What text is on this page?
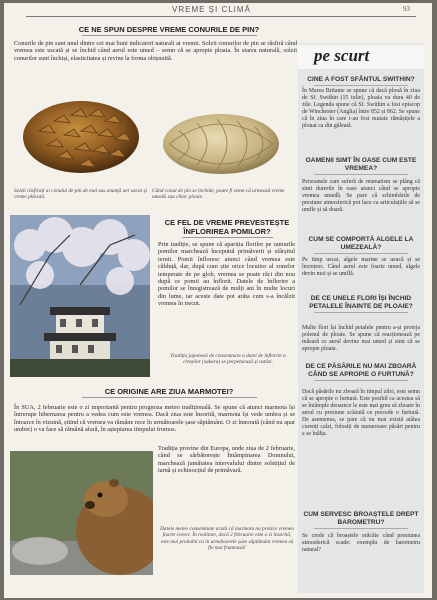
VREME ȘI CLIMĂ	93
CE NE SPUN DESPRE VREME CONURILE DE PIN?
Conurile de pin sunt unul dintre cei mai buni indicatori naturali ai vremii. Solzii conurilor de pin se răsfiră când vremea este uscată și se închid când aerul este umed – semn că se apropie ploaia. În starea naturală, solzii conurilor sunt închiși, elasticitatea și revine la forma obișnuită.
Solzii răsfirați ai conului de pin de mai sus anunță aer uscat și vreme plăcută.
Când conul de pin se închide, poate fi semn că urmează vreme umedă sau chiar ploaie.
CE FEL DE VREME PREVESTEȘTE ÎNFLORIREA POMILOR?
Prin tradiție, se spune că apariția florilor pe ramurile pomilor marchează începutul primăverii și sfârșitul iernii. Pomii înfloresc atunci când vremea este călduță, dar, după cum știe orice locuitor al zonelor temperate de pe glob, vremea se poate răci din nou după ce pomii au înflorit. Datele de înflorire a pomilor se înregistrează de mulți ani în multe locuri din lume, iar aceste date pot arăta cum s-a încălzit vremea în trecut.
Tradiția japoneză de consemnare a datei de înflorire a cireșilor (sakura) se perpetuează și astăzi.
CE ORIGINE ARE ZIUA MARMOTEI?
În SUA, 2 februarie este o zi importantă pentru prognoza meteo tradițională. Se spune că atunci marmota își întrerupe hibernarea pentru a vedea cum este vremea. Dacă ziua este însorită, marmota își vede umbra și se întoarce în vizuină, știind că vremea va rămâne rece în următoarele șase săptămâni. O zi înnorată (când nu apar umbre) o va face să rămână afară, în așteptarea timpului frumos.
Tradiția provine din Europa, unde ziua de 2 februarie, când se sărbătorește Întâmpinarea Domnului, marchează jumătatea intervalului dintre solstițiul de iarnă și echinocțiul de primăvară.
Datele meteo consemnate arată că marmota nu prezice vremea foarte corect. În realitate, dacă 2 februarie este o zi însorită, este mai probabil ca în următoarele șase săptămâni vremea să fie mai frumoasă!
pe scurt
CINE A FOST SFÂNTUL SWITHIN?
În Marea Britanie se spune că dacă plouă în ziua de Sf. Swithin (15 iulie), ploaia va dura 40 de zile. Legenda spune că Sf. Swithin a fost episcop de Winchester (Anglia) între 852 și 862. Se spune că în ziua în care i-au fost mutate rămășițele a plouat ca din găleată.
OAMENII SIMT ÎN OASE CUM ESTE VREMEA?
Persoanele care suferă de reumatism se plâng că simt durerile în oase atunci când se apropie vremea umedă. Se pare că schimbările de presiune atmosferică pot face ca articulațiile să se umfle și să doară.
CUM SE COMPORTĂ ALGELE LA UMEZEALĂ?
Pe timp uscat, algele marine se usucă și se încrețesc. Când aerul este foarte umed, algele devin moi și se umflă.
DE CE UNELE FLORI ÎȘI ÎNCHID PETALELE ÎNAINTE DE PLOAIE?
Multe flori își închid petalele pentru a-și proteja polenul de ploaie. Se spune că reacționează pe măsură ce aerul devine mai umed și simt că se apropie ploaia.
DE CE PĂSĂRILE NU MAI ZBOARĂ CÂND SE APROPIE O FURTUNĂ?
Dacă păsările nu zboară în timpul zilei, este semn că se apropie o furtună. Este posibil ca acestea să se întâmple deoarece le este mai greu să zboare în aerul cu presiune scăzută ce precede o furtună. De asemenea, se pare că nu mai există atâtea curenți calzi, folosiți de numeroase păsări pentru a se înălța.
CUM SERVESC BROAȘTELE DREPT BAROMETRU?
Se crede că broaștele orăcăie când presiunea atmosferică scade: exemplu de barometru natural?
